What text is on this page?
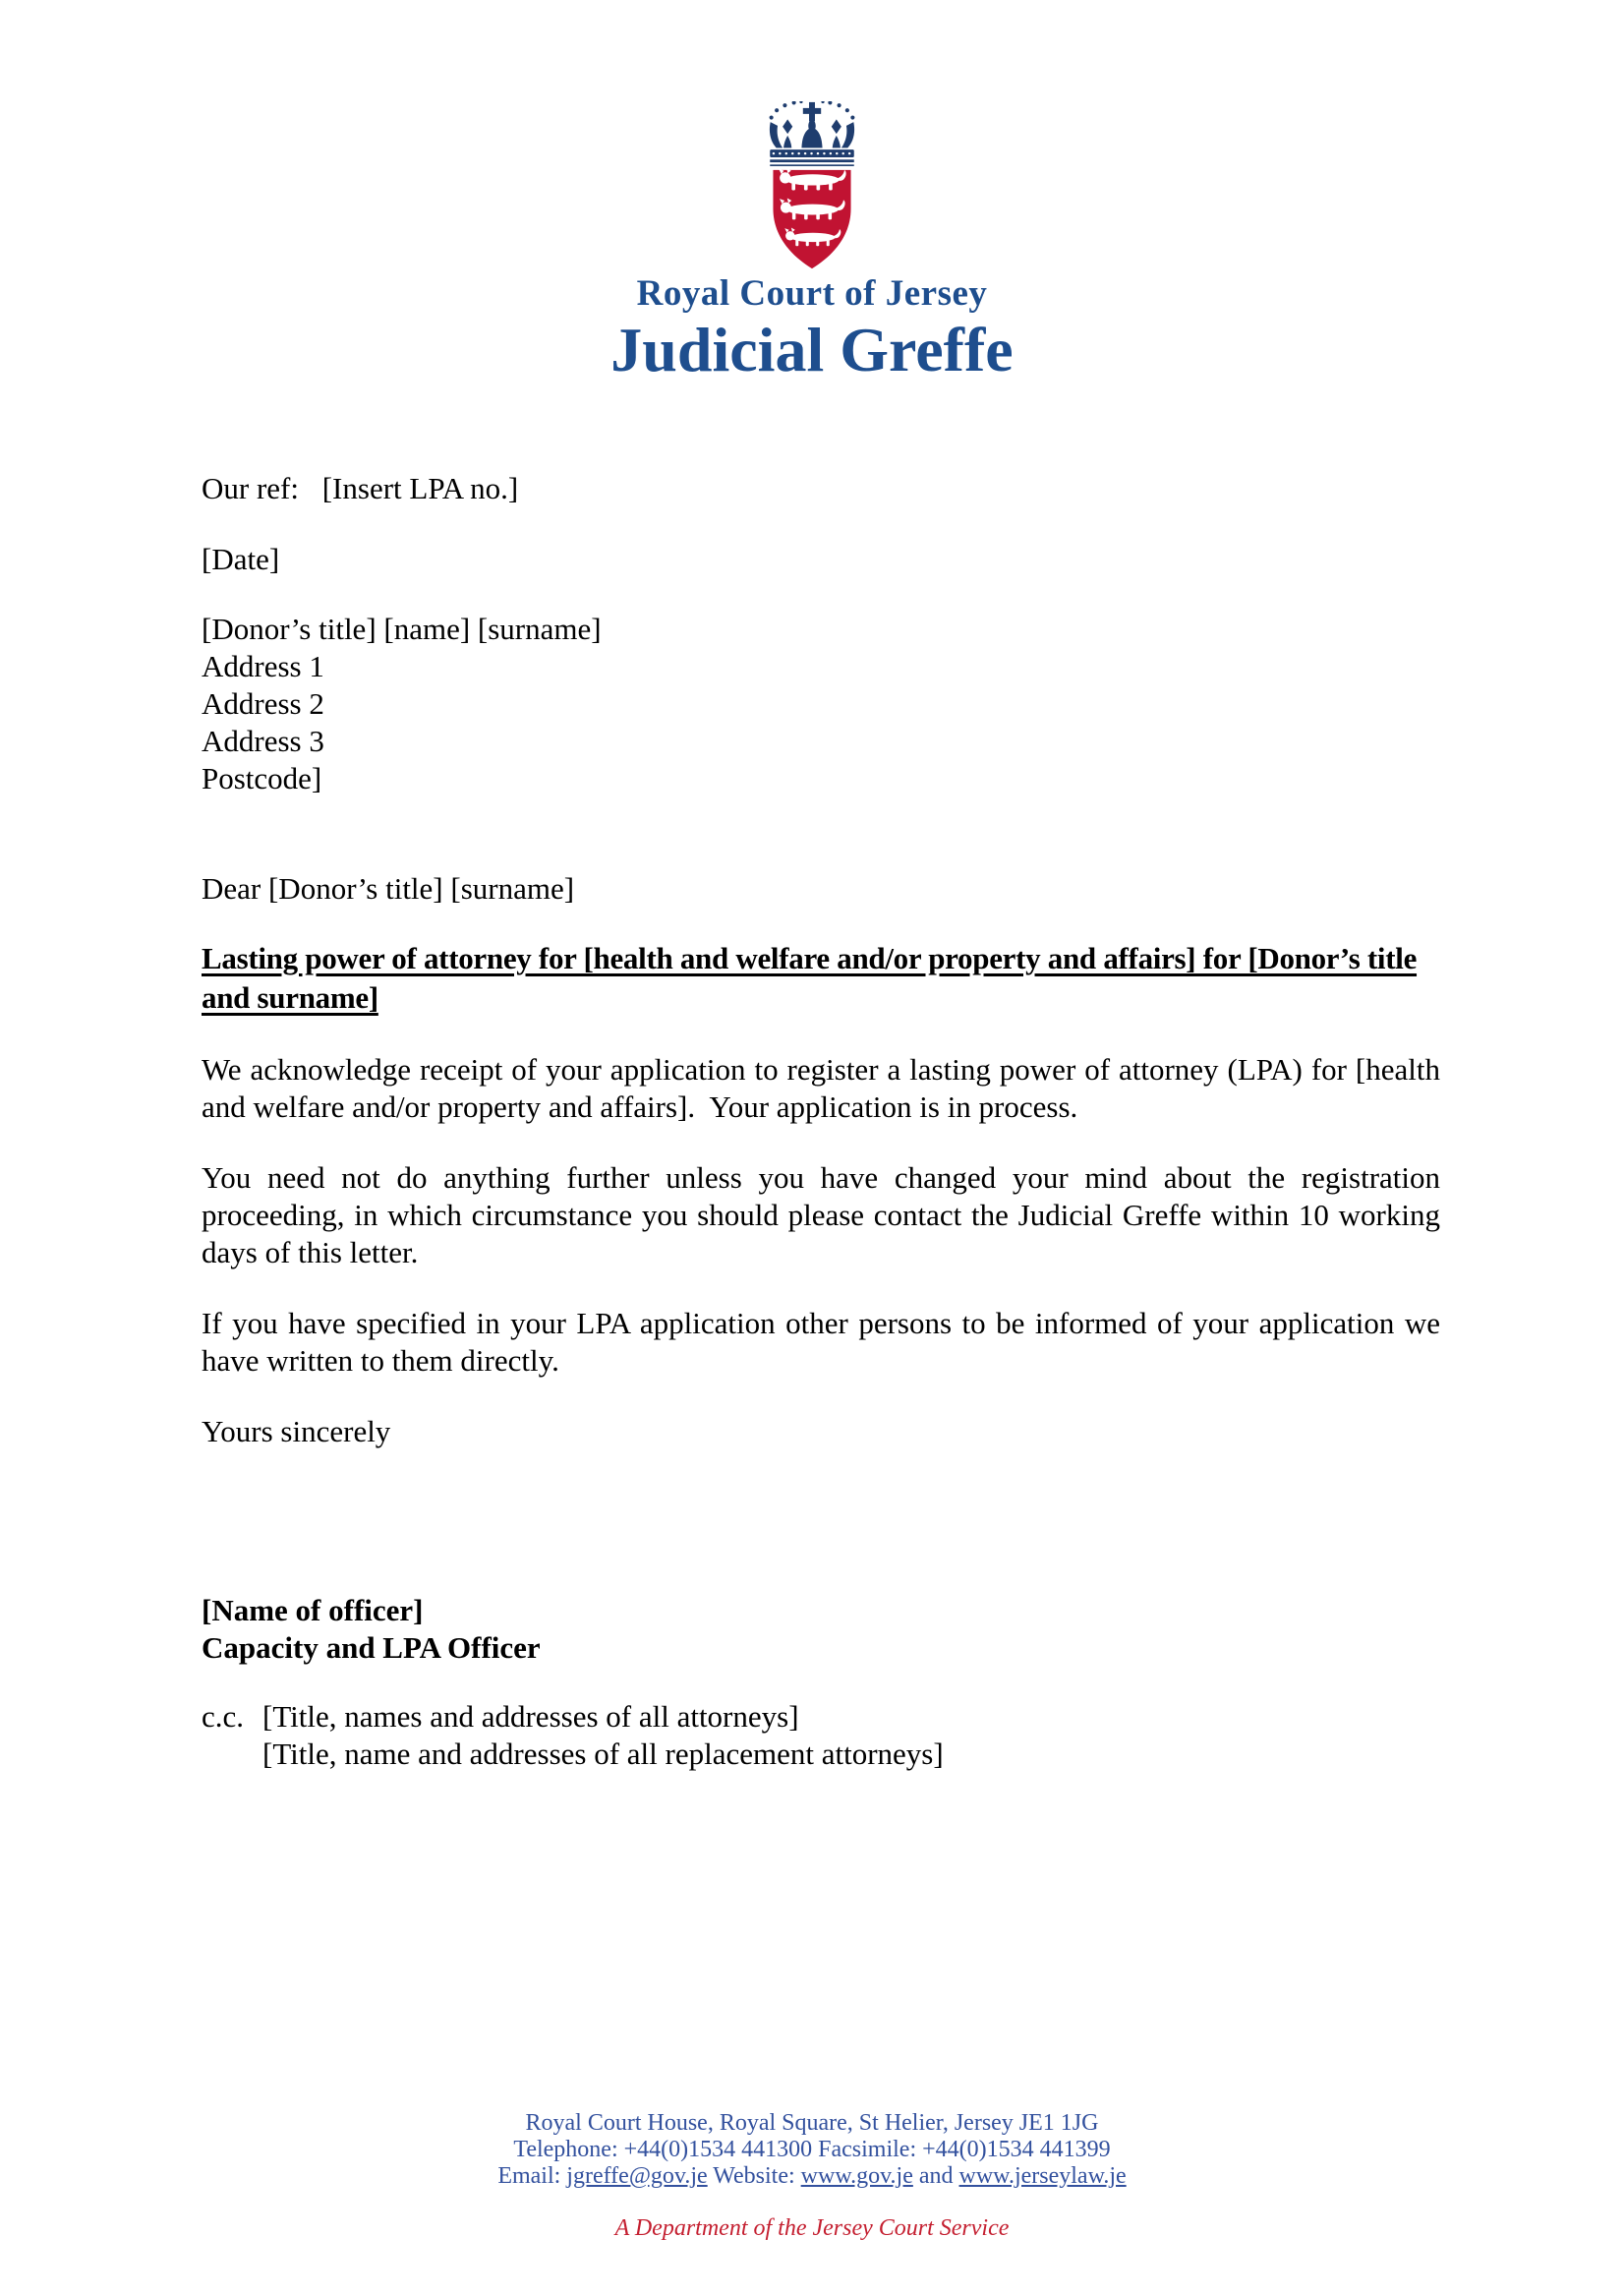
Royal Court of Jersey
Judicial Greffe
Our ref: [Insert LPA no.]
[Date]
[Donor’s title] [name] [surname]
Address 1
Address 2
Address 3
Postcode]
Dear [Donor’s title] [surname]
Lasting power of attorney for [health and welfare and/or property and affairs] for [Donor’s title and surname]
We acknowledge receipt of your application to register a lasting power of attorney (LPA) for [health and welfare and/or property and affairs].  Your application is in process.
You need not do anything further unless you have changed your mind about the registration proceeding, in which circumstance you should please contact the Judicial Greffe within 10 working days of this letter.
If you have specified in your LPA application other persons to be informed of your application we have written to them directly.
Yours sincerely
[Name of officer]
Capacity and LPA Officer
c.c. [Title, names and addresses of all attorneys]
[Title, name and addresses of all replacement attorneys]
Royal Court House, Royal Square, St Helier, Jersey JE1 1JG
Telephone: +44(0)1534 441300 Facsimile: +44(0)1534 441399
Email: jgreffe@gov.je Website: www.gov.je and www.jerseylaw.je
A Department of the Jersey Court Service
